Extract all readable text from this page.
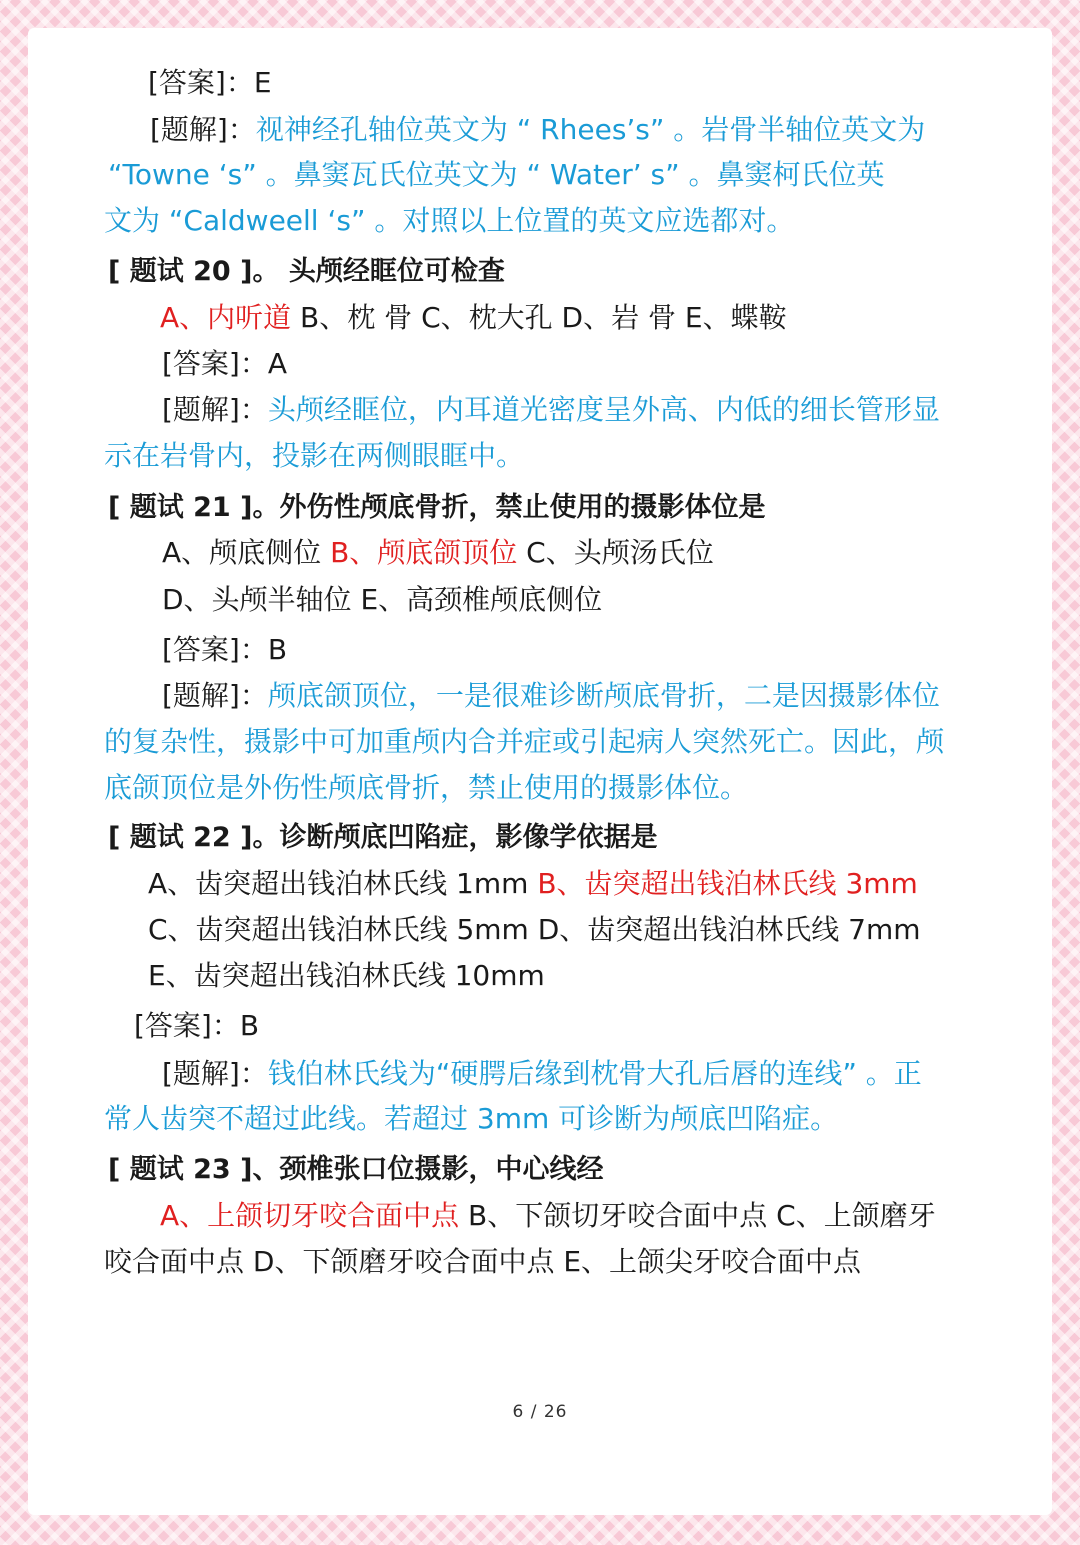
[答案]：E
[题解]：视神经孔轴位英文为 “ Rhees’s” 。岩骨半轴位英文为
“Towne ‘s” 。鼻窦瓦氏位英文为 “ Water’ s” 。鼻窦柯氏位英
文为 “Caldweell ‘s” 。对照以上位置的英文应选都对。
[ 题试 20 ]。 头颅经眶位可检查
A、内听道 B、枕 骨 C、枕大孔 D、岩 骨 E、蝶鞍
[答案]：A
[题解]：头颅经眶位，内耳道光密度呈外高、内低的细长管形显
示在岩骨内，投影在两侧眼眶中。
[ 题试 21 ]。外伤性颅底骨折，禁止使用的摄影体位是
A、颅底侧位 B、颅底颌顶位 C、头颅汤氏位
D、头颅半轴位 E、高颈椎颅底侧位
[答案]：B
[题解]：颅底颌顶位，一是很难诊断颅底骨折，二是因摄影体位
的复杂性，摄影中可加重颅内合并症或引起病人突然死亡。因此，颅
底颌顶位是外伤性颅底骨折，禁止使用的摄影体位。
[ 题试 22 ]。诊断颅底凹陷症，影像学依据是
A、齿突超出钱泊林氏线 1mm B、齿突超出钱泊林氏线 3mm
C、齿突超出钱泊林氏线 5mm D、齿突超出钱泊林氏线 7mm
E、齿突超出钱泊林氏线 10mm
[答案]：B
[题解]：钱伯林氏线为“硬腭后缘到枕骨大孔后唇的连线” 。正
常人齿突不超过此线。若超过 3mm 可诊断为颅底凹陷症。
[ 题试 23 ]、颈椎张口位摄影，中心线经
A、上颌切牙咬合面中点 B、下颌切牙咬合面中点 C、上颌磨牙
咬合面中点 D、下颌磨牙咬合面中点 E、上颌尖牙咬合面中点
6 / 26
